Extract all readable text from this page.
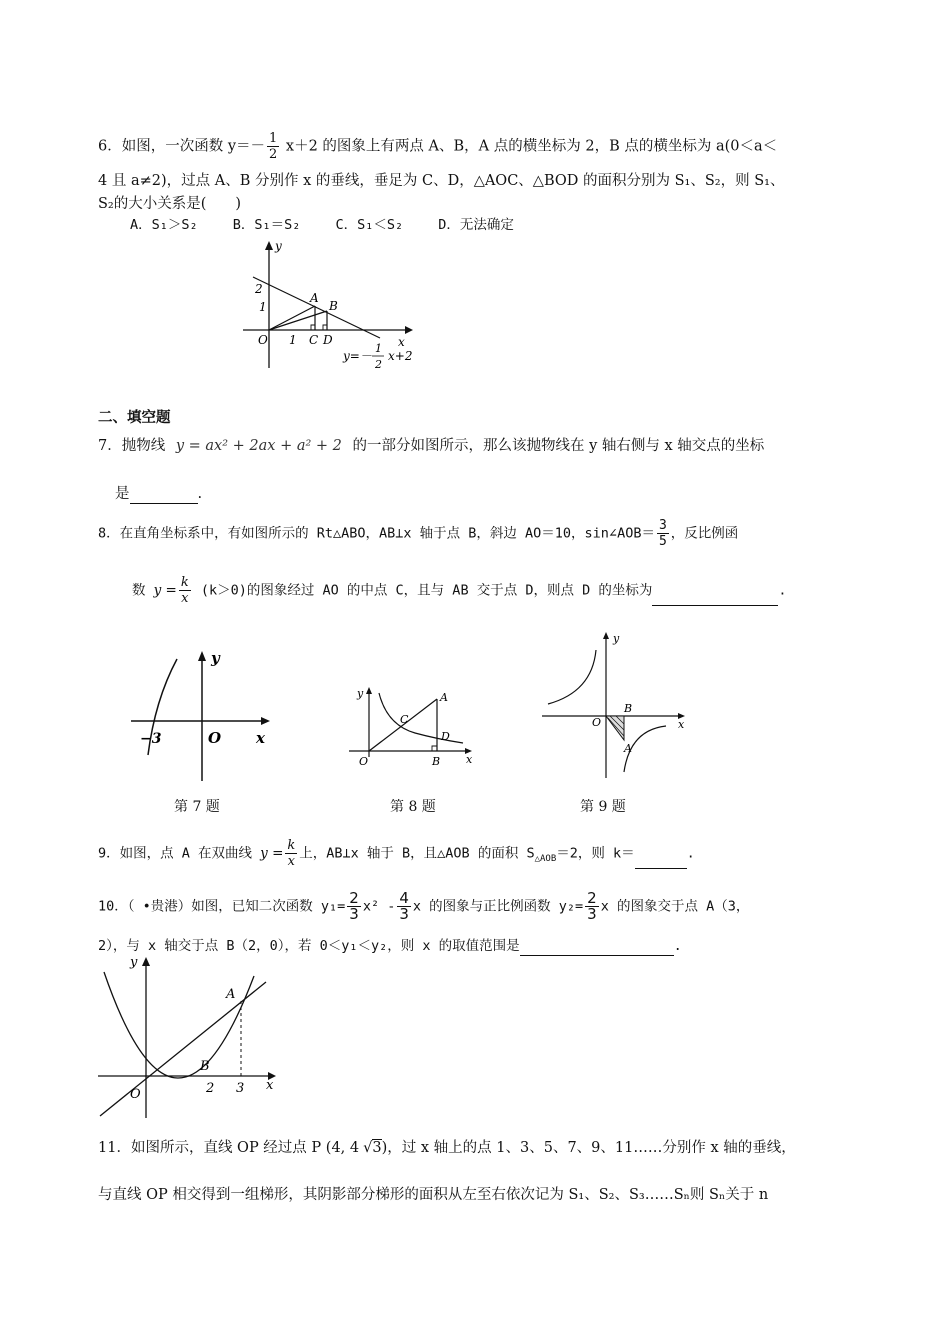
6．如图，一次函数 $y=- \frac{1}{2} x+2$ 的图象上有两点 A、B，A 点的横坐标为 2，B 点的横坐标为 a(0＜a＜
4 且 a≠2)，过点 A、B 分别作 x 的垂线，垂足为 C、D，△AOC、△BOD 的面积分别为 S₁、S₂，则 S₁、
S₂的大小关系是(　　)
A．S₁＞S₂　　 B．S₁＝S₂　　 C．S₁＜S₂　　 D．无法确定
y
2
1
A
B
O 1 C D	x
y=－
1
2
x+2
二、填空题
7．抛物线 y = ax² + 2ax + a² + 2 的一部分如图所示，那么该抛物线在 y 轴右侧与 x 轴交点的坐标
是	.
8．在直角坐标系中，有如图所示的 Rt△ABO，AB⊥x 轴于点 B，斜边 AO＝10，sin∠AOB＝ $\frac{3}{5}$ ，反比例函
数 $y = \frac{k}{x} (k>0)$的图象经过 AO 的中点 C，且与 AB 交于点 D，则点 D 的坐标为	.
y
−3	O x
第 7 题
y	A
C
D
O	B x
第 8 题
y
O
B
A
x
第 9 题
9．如图，点 A 在双曲线 $y = \frac{k}{x}$ 上，AB⊥x 轴于 B，且△AOB 的面积 $S_{\triangle AOB}=2$，则 k＝	.
10．（ •贵港）如图，已知二次函数 $y_1= \frac{2}{3} x^2 - \frac{4}{3}$ x 的图象与正比例函数 $y_2= \frac{2}{3}$ x 的图象交于点 A（3，
2），与 x 轴交于点 B（2，0），若 0＜y₁＜y₂，则 x 的取值范围是	.
y
A
B
2 3 x
O
11．如图所示，直线 OP 经过点 P (4, 4 √3)，过 x 轴上的点 1、3、5、7、9、11……分别作 x 轴的垂线，
与直线 OP 相交得到一组梯形，其阴影部分梯形的面积从左至右依次记为 S₁、S₂、S₃……Sₙ则 Sₙ关于 n
